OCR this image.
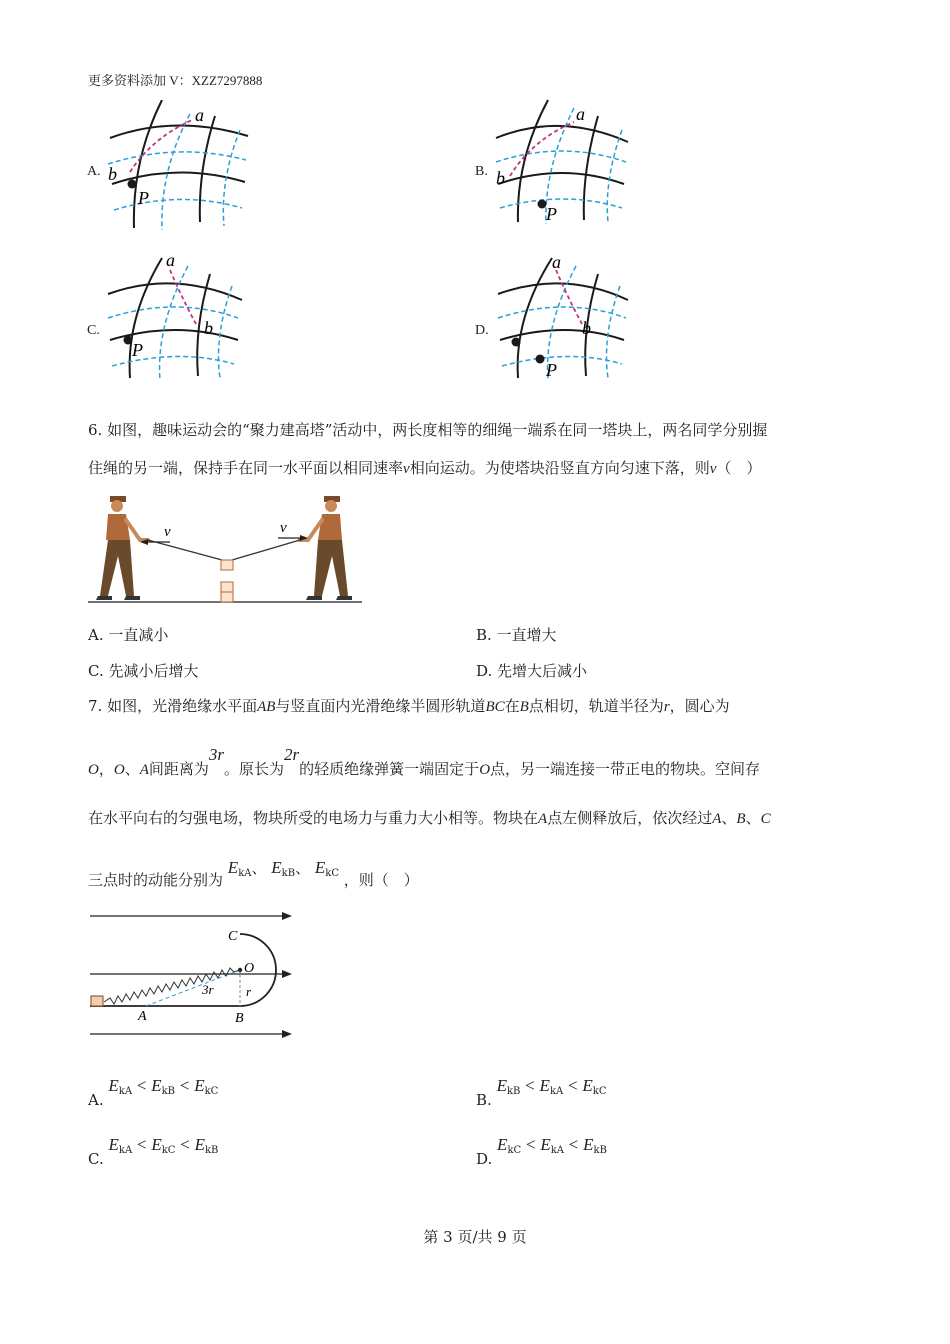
更多资料添加 V：XZZ7297888
A.
a
b
P
B.
a
b
P
C.
a
b
P
D.
a
b
P
6. 如图，趣味运动会的“聚力建高塔”活动中，两长度相等的细绳一端系在同一塔块上，两名同学分别握
住绳的另一端，保持手在同一水平面以相同速率v相向运动。为使塔块沿竖直方向匀速下落，则v（　）
v	v
A. 一直减小	B. 一直增大
C. 先减小后增大	D. 先增大后减小
7. 如图，光滑绝缘水平面AB与竖直面内光滑绝缘半圆形轨道BC在B点相切，轨道半径为r，圆心为
O，O、A间距离为3r。原长为2r的轻质绝缘弹簧一端固定于O点，另一端连接一带正电的物块。空间存
在水平向右的匀强电场，物块所受的电场力与重力大小相等。物块在A点左侧释放后，依次经过A、B、C
三点时的动能分别为 $E_{kA}$、 $E_{kB}$、 $E_{kC}$ ，则（　）
C
O
3r r
A	B
A. $E_{kA} < E_{kB} < E_{kC}$	B. $E_{kB} < E_{kA} < E_{kC}$
C. $E_{kA} < E_{kC} < E_{kB}$	D. $E_{kC} < E_{kA} < E_{kB}$
第 3 页/共 9 页
